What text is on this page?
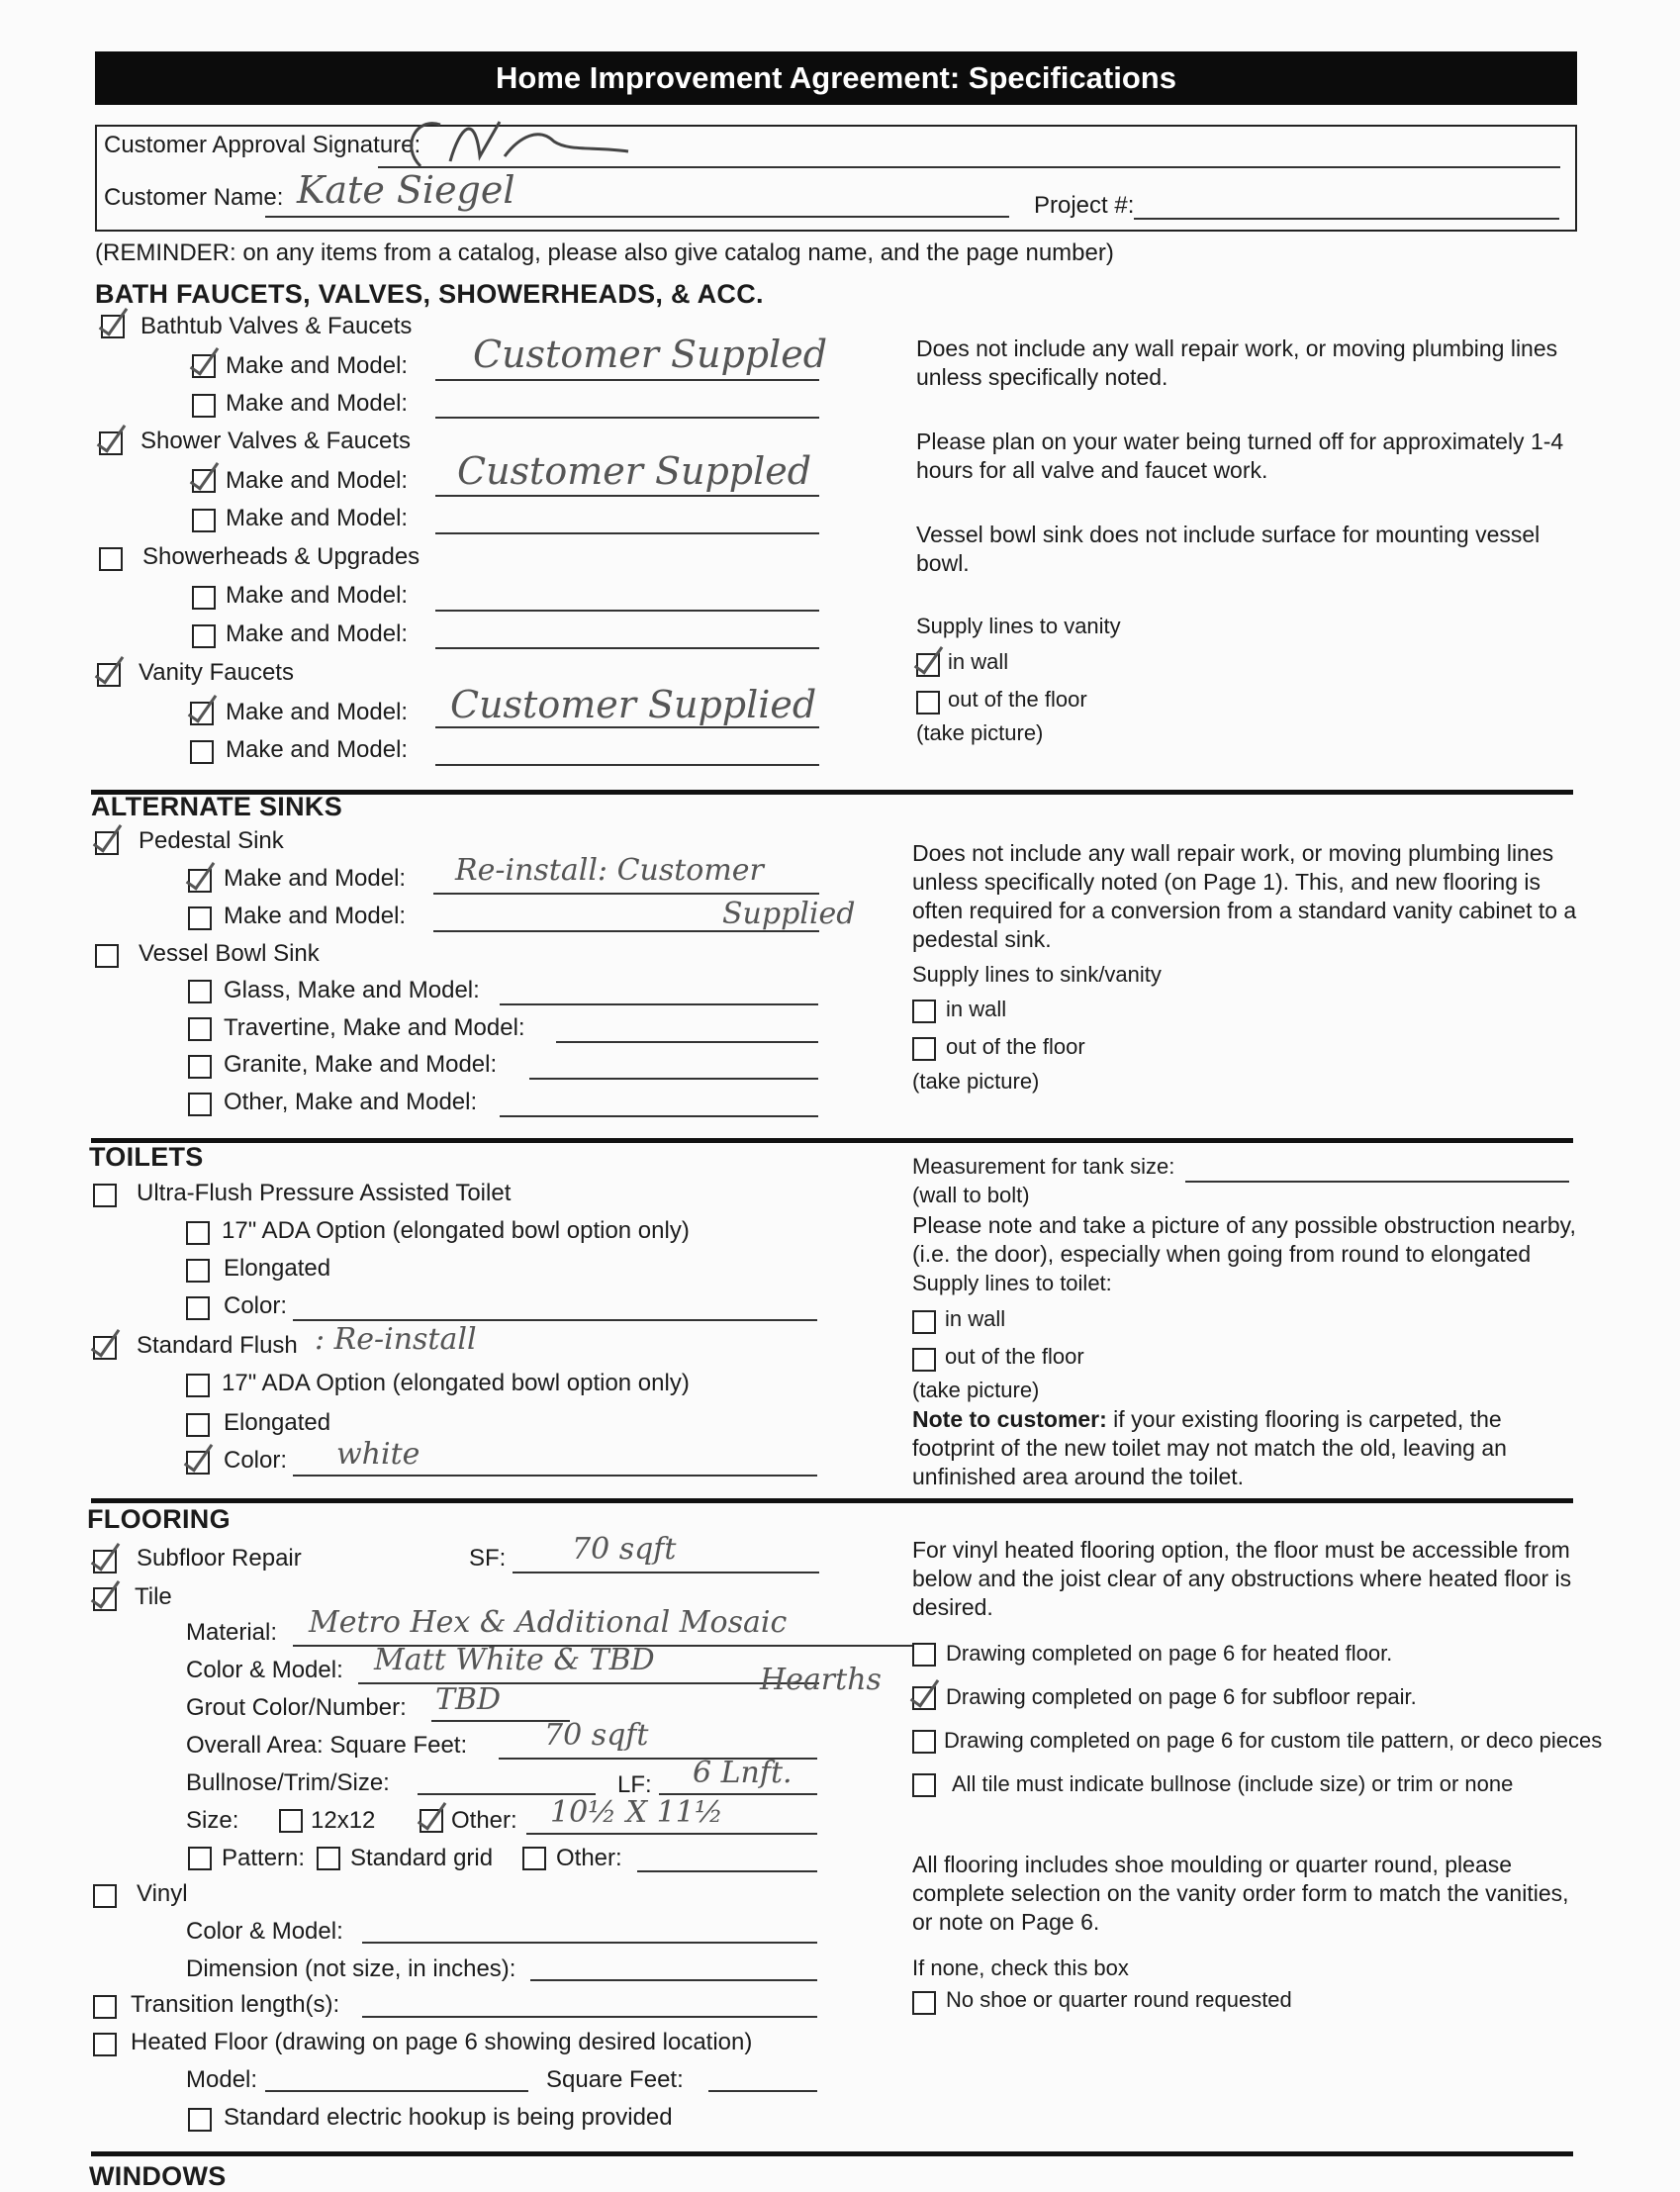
Home Improvement Agreement: Specifications
Customer Approval Signature:
Customer Name: Kate Siegel	Project #:
(REMINDER: on any items from a catalog, please also give catalog name, and the page number)
BATH FAUCETS, VALVES, SHOWERHEADS, & ACC.
Bathtub Valves & Faucets
Make and Model: Customer Suppled
Make and Model:
Shower Valves & Faucets
Make and Model: Customer Suppled
Make and Model:
Showerheads & Upgrades
Make and Model:
Make and Model:
Vanity Faucets
Make and Model: Customer Supplied
Make and Model:
Does not include any wall repair work, or moving plumbing lines unless specifically noted.
Please plan on your water being turned off for approximately 1-4 hours for all valve and faucet work.
Vessel bowl sink does not include surface for mounting vessel bowl.
Supply lines to vanity
in wall
out of the floor
(take picture)
ALTERNATE SINKS
Pedestal Sink
Make and Model: Re-install: Customer
Make and Model:	Supplied
Vessel Bowl Sink
Glass, Make and Model:
Travertine, Make and Model:
Granite, Make and Model:
Other, Make and Model:
Does not include any wall repair work, or moving plumbing lines unless specifically noted (on Page 1). This, and new flooring is often required for a conversion from a standard vanity cabinet to a pedestal sink.
Supply lines to sink/vanity
in wall
out of the floor
(take picture)
TOILETS
Ultra-Flush Pressure Assisted Toilet
17" ADA Option (elongated bowl option only)
Elongated
Color:
Standard Flush : Re-install
17" ADA Option (elongated bowl option only)
Elongated
Color: white
Measurement for tank size:
(wall to bolt)
Please note and take a picture of any possible obstruction nearby, (i.e. the door), especially when going from round to elongated
Supply lines to toilet:
in wall
out of the floor
(take picture)
Note to customer: if your existing flooring is carpeted, the footprint of the new toilet may not match the old, leaving an unfinished area around the toilet.
FLOORING
Subfloor Repair	SF: 70 sqft
Tile
Material: Metro Hex & Additional Mosaic
Color & Model: Matt White & TBD
Hearths
Grout Color/Number: TBD
Overall Area: Square Feet:	70 sqft
Bullnose/Trim/Size:	LF: 6 Lnft.
Size:	12x12	Other: 10½ X 11½
Pattern: Standard grid	Other:
Vinyl
Color & Model:
Dimension (not size, in inches):
Transition length(s):
Heated Floor (drawing on page 6 showing desired location)
Model:	Square Feet:
Standard electric hookup is being provided
For vinyl heated flooring option, the floor must be accessible from below and the joist clear of any obstructions where heated floor is desired.
Drawing completed on page 6 for heated floor.
Drawing completed on page 6 for subfloor repair.
Drawing completed on page 6 for custom tile pattern, or deco pieces
All tile must indicate bullnose (include size) or trim or none
All flooring includes shoe moulding or quarter round, please complete selection on the vanity order form to match the vanities, or note on Page 6.
If none, check this box
No shoe or quarter round requested
WINDOWS
